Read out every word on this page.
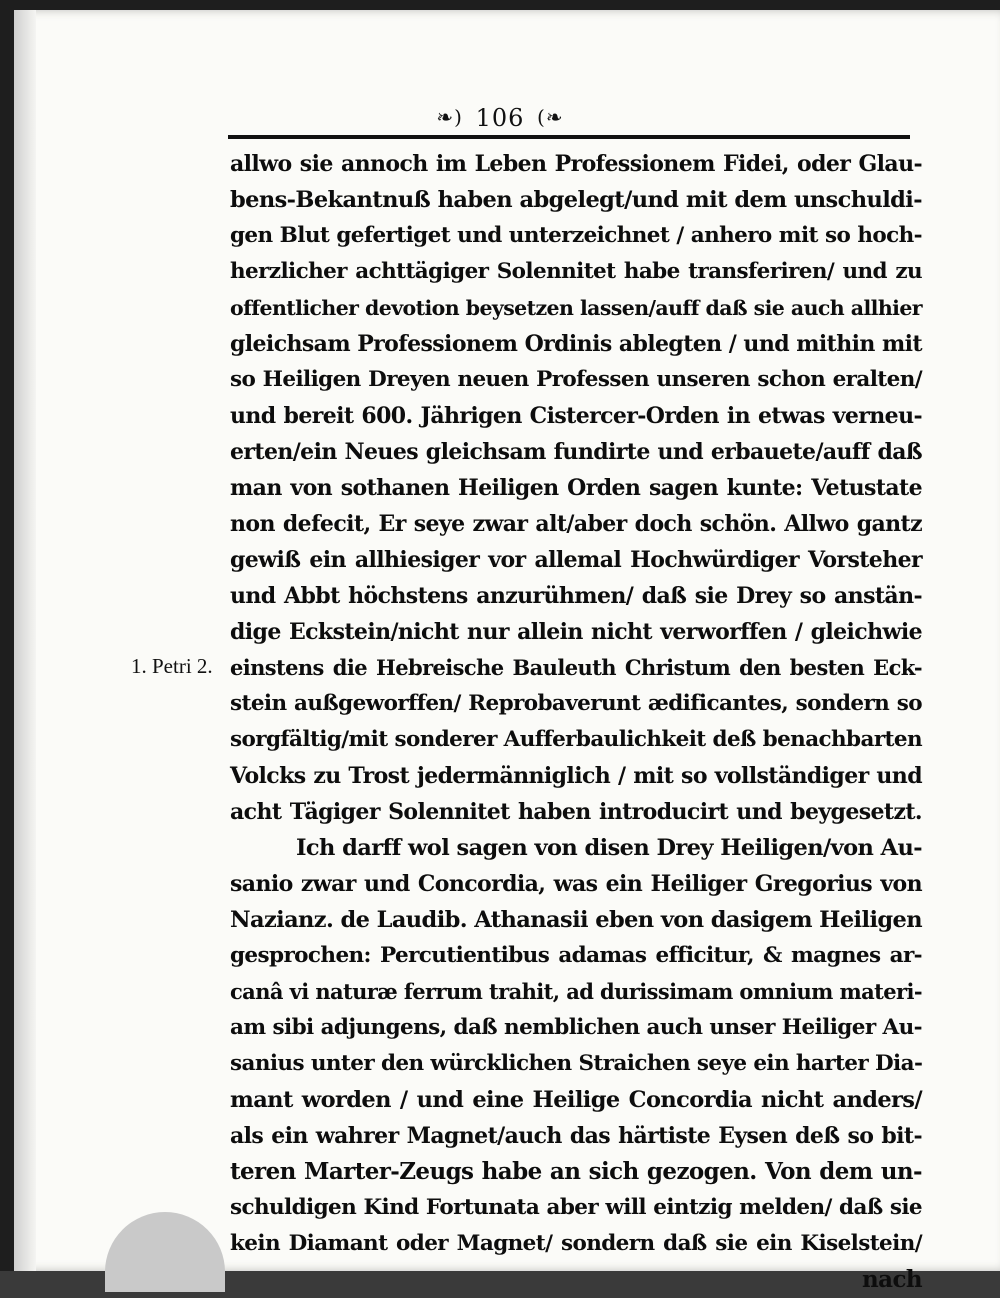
❧) 106 (❧
1. Petri 2.
allwo sie annoch im Leben Professionem Fidei, oder Glau-
bens-Bekantnuß haben abgelegt/und mit dem unschuldi-
gen Blut gefertiget und unterzeichnet / anhero mit so hoch-
herzlicher achttägiger Solennitet habe transferiren/ und zu
offentlicher devotion beysetzen lassen/auff daß sie auch allhier
gleichsam Professionem Ordinis ablegten / und mithin mit
so Heiligen Dreyen neuen Professen unseren schon eralten/
und bereit 600. Jährigen Cistercer-Orden in etwas verneu-
erten/ein Neues gleichsam fundirte und erbauete/auff daß
man von sothanen Heiligen Orden sagen kunte: Vetustate
non defecit, Er seye zwar alt/aber doch schön. Allwo gantz
gewiß ein allhiesiger vor allemal Hochwürdiger Vorsteher
und Abbt höchstens anzurühmen/ daß sie Drey so anstän-
dige Eckstein/nicht nur allein nicht verworffen / gleichwie
einstens die Hebreische Bauleuth Christum den besten Eck-
stein außgeworffen/ Reprobaverunt ædificantes, sondern so
sorgfältig/mit sonderer Aufferbaulichkeit deß benachbarten
Volcks zu Trost jedermänniglich / mit so vollständiger und
acht Tägiger Solennitet haben introducirt und beygesetzt.
Ich darff wol sagen von disen Drey Heiligen/von Au-
sanio zwar und Concordia, was ein Heiliger Gregorius von
Nazianz. de Laudib. Athanasii eben von dasigem Heiligen
gesprochen: Percutientibus adamas efficitur, & magnes ar-
canâ vi naturæ ferrum trahit, ad durissimam omnium materi-
am sibi adjungens, daß nemblichen auch unser Heiliger Au-
sanius unter den würcklichen Straichen seye ein harter Dia-
mant worden / und eine Heilige Concordia nicht anders/
als ein wahrer Magnet/auch das härtiste Eysen deß so bit-
teren Marter-Zeugs habe an sich gezogen. Von dem un-
schuldigen Kind Fortunata aber will eintzig melden/ daß sie
kein Diamant oder Magnet/ sondern daß sie ein Kiselstein/
nach
